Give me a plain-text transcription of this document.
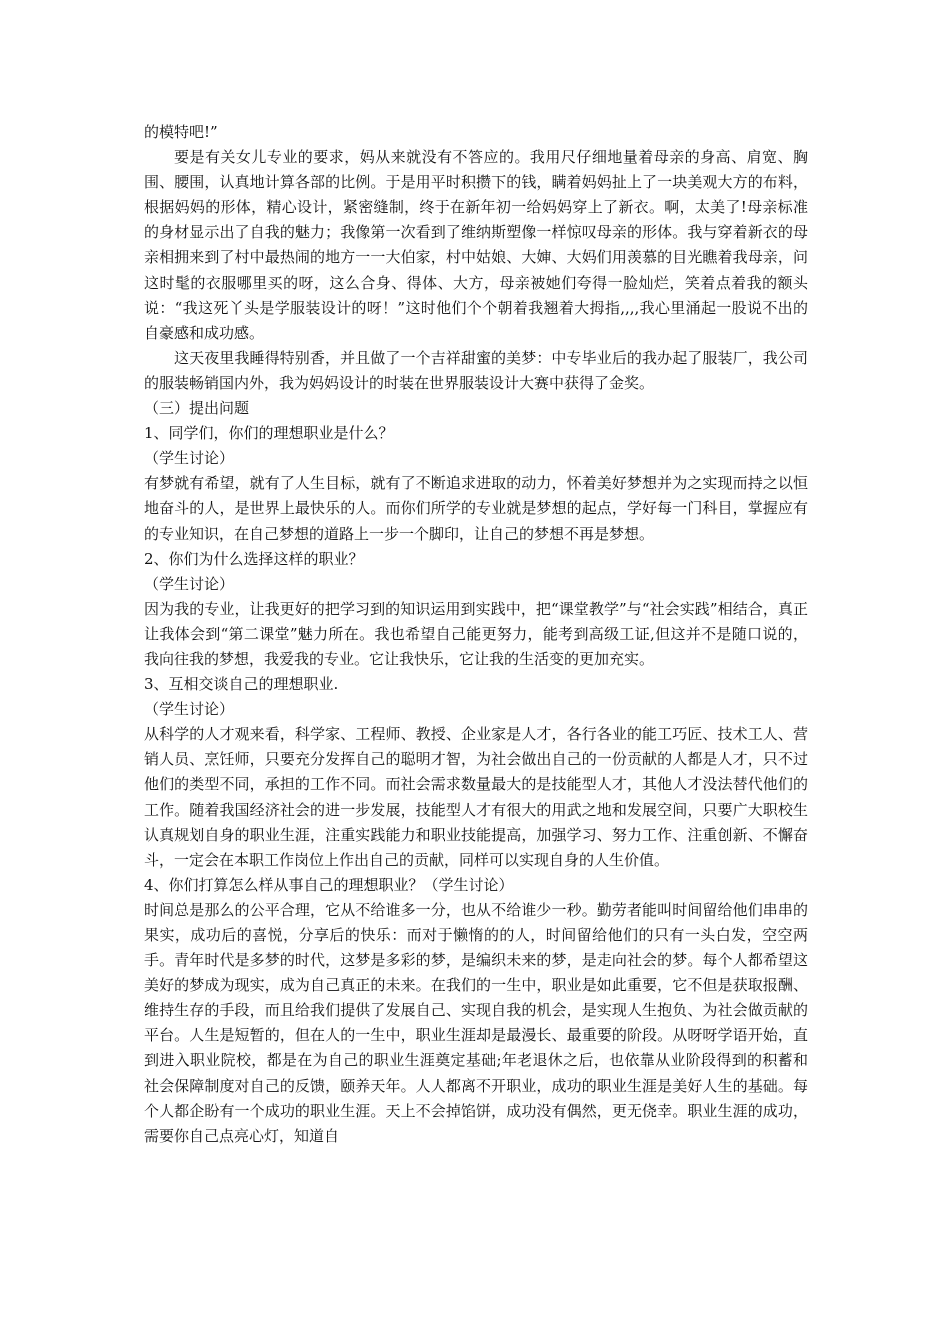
的模特吧!”

要是有关女儿专业的要求，妈从来就没有不答应的。我用尺仔细地量着母亲的身高、肩宽、胸围、腰围，认真地计算各部的比例。于是用平时积攒下的钱，瞒着妈妈扯上了一块美观大方的布料，根据妈妈的形体，精心设计，紧密缝制，终于在新年初一给妈妈穿上了新衣。啊，太美了!母亲标准的身材显示出了自我的魅力；我像第一次看到了维纳斯塑像一样惊叹母亲的形体。我与穿着新衣的母亲相拥来到了村中最热闹的地方一一大伯家，村中姑娘、大婶、大妈们用羡慕的目光瞧着我母亲，问这时髦的衣服哪里买的呀，这么合身、得体、大方，母亲被她们夸得一脸灿烂，笑着点着我的额头说：“我这死丫头是学服装设计的呀！”这时他们个个朝着我翘着大拇指,,,,我心里涌起一股说不出的自豪感和成功感。

这天夜里我睡得特别香，并且做了一个吉祥甜蜜的美梦：中专毕业后的我办起了服装厂，我公司的服装畅销国内外，我为妈妈设计的时装在世界服装设计大赛中获得了金奖。

（三）提出问题

1、同学们，你们的理想职业是什么？

（学生讨论）

有梦就有希望，就有了人生目标，就有了不断追求进取的动力，怀着美好梦想并为之实现而持之以恒地奋斗的人，是世界上最快乐的人。而你们所学的专业就是梦想的起点，学好每一门科目，掌握应有的专业知识，在自己梦想的道路上一步一个脚印，让自己的梦想不再是梦想。

2、你们为什么选择这样的职业？

（学生讨论）

因为我的专业，让我更好的把学习到的知识运用到实践中，把“课堂教学”与“社会实践”相结合，真正让我体会到“第二课堂”魅力所在。我也希望自己能更努力，能考到高级工证,但这并不是随口说的，我向往我的梦想，我爱我的专业。它让我快乐，它让我的生活变的更加充实。

3、互相交谈自己的理想职业.

（学生讨论）

从科学的人才观来看，科学家、工程师、教授、企业家是人才，各行各业的能工巧匠、技术工人、营销人员、烹饪师，只要充分发挥自己的聪明才智，为社会做出自己的一份贡献的人都是人才，只不过他们的类型不同，承担的工作不同。而社会需求数量最大的是技能型人才，其他人才没法替代他们的工作。随着我国经济社会的进一步发展，技能型人才有很大的用武之地和发展空间，只要广大职校生认真规划自身的职业生涯，注重实践能力和职业技能提高，加强学习、努力工作、注重创新、不懈奋斗，一定会在本职工作岗位上作出自己的贡献，同样可以实现自身的人生价值。

4、你们打算怎么样从事自己的理想职业？（学生讨论）

时间总是那么的公平合理，它从不给谁多一分，也从不给谁少一秒。勤劳者能叫时间留给他们串串的果实，成功后的喜悦，分享后的快乐：而对于懒惰的的人，时间留给他们的只有一头白发，空空两手。青年时代是多梦的时代，这梦是多彩的梦，是编织未来的梦，是走向社会的梦。每个人都希望这美好的梦成为现实，成为自己真正的未来。在我们的一生中，职业是如此重要，它不但是获取报酬、维持生存的手段，而且给我们提供了发展自己、实现自我的机会，是实现人生抱负、为社会做贡献的平台。人生是短暂的，但在人的一生中，职业生涯却是最漫长、最重要的阶段。从呀呀学语开始，直到进入职业院校，都是在为自己的职业生涯奠定基础;年老退休之后，也依靠从业阶段得到的积蓄和社会保障制度对自己的反馈，颐养天年。人人都离不开职业，成功的职业生涯是美好人生的基础。每个人都企盼有一个成功的职业生涯。天上不会掉馅饼，成功没有偶然，更无侥幸。职业生涯的成功，需要你自己点亮心灯，知道自
